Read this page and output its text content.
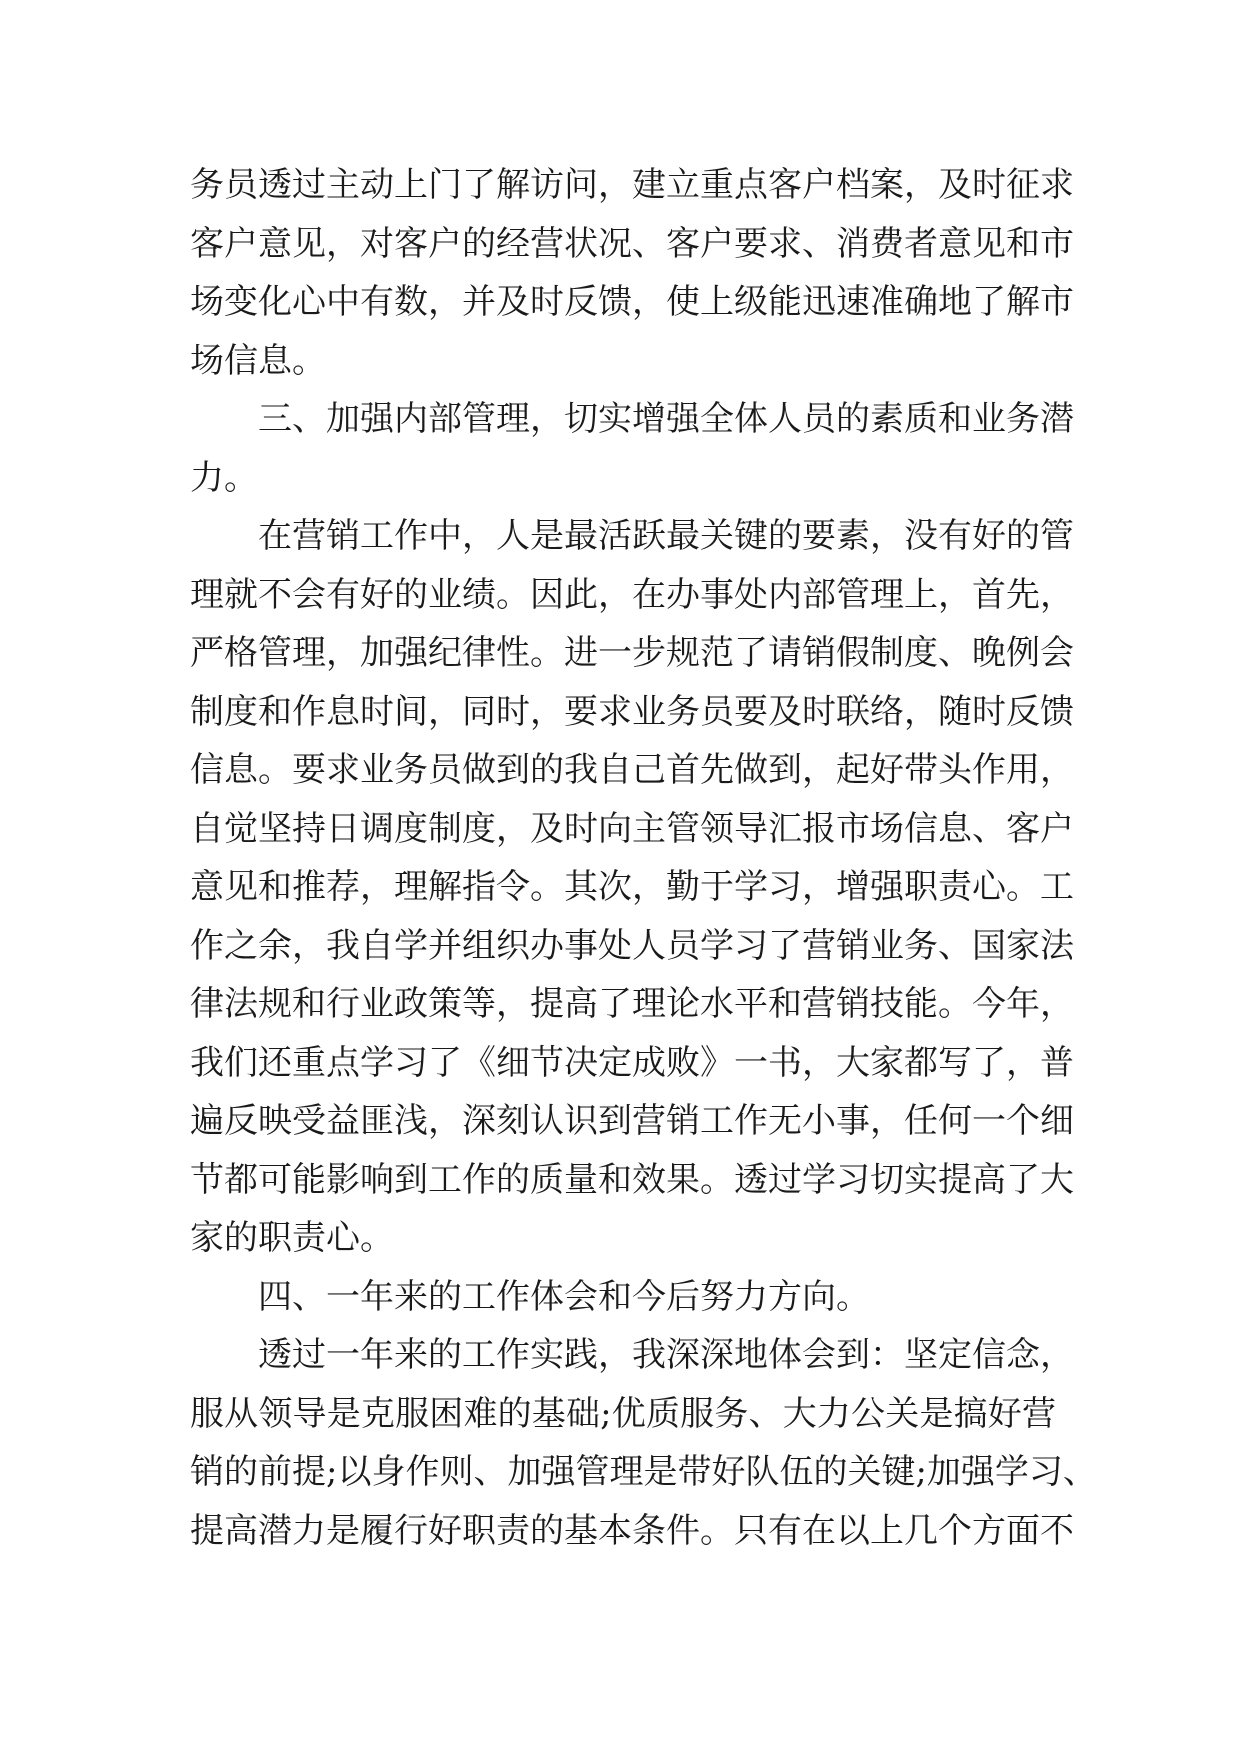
务员透过主动上门了解访问，建立重点客户档案，及时征求
客户意见，对客户的经营状况、客户要求、消费者意见和市
场变化心中有数，并及时反馈，使上级能迅速准确地了解市
场信息。
三、加强内部管理，切实增强全体人员的素质和业务潜
力。
在营销工作中，人是最活跃最关键的要素，没有好的管
理就不会有好的业绩。因此，在办事处内部管理上，首先，
严格管理，加强纪律性。进一步规范了请销假制度、晚例会
制度和作息时间，同时，要求业务员要及时联络，随时反馈
信息。要求业务员做到的我自己首先做到，起好带头作用，
自觉坚持日调度制度，及时向主管领导汇报市场信息、客户
意见和推荐，理解指令。其次，勤于学习，增强职责心。工
作之余，我自学并组织办事处人员学习了营销业务、国家法
律法规和行业政策等，提高了理论水平和营销技能。今年，
我们还重点学习了《细节决定成败》一书，大家都写了，普
遍反映受益匪浅，深刻认识到营销工作无小事，任何一个细
节都可能影响到工作的质量和效果。透过学习切实提高了大
家的职责心。
四、一年来的工作体会和今后努力方向。
透过一年来的工作实践，我深深地体会到：坚定信念，
服从领导是克服困难的基础;优质服务、大力公关是搞好营
销的前提;以身作则、加强管理是带好队伍的关键;加强学习、
提高潜力是履行好职责的基本条件。只有在以上几个方面不
